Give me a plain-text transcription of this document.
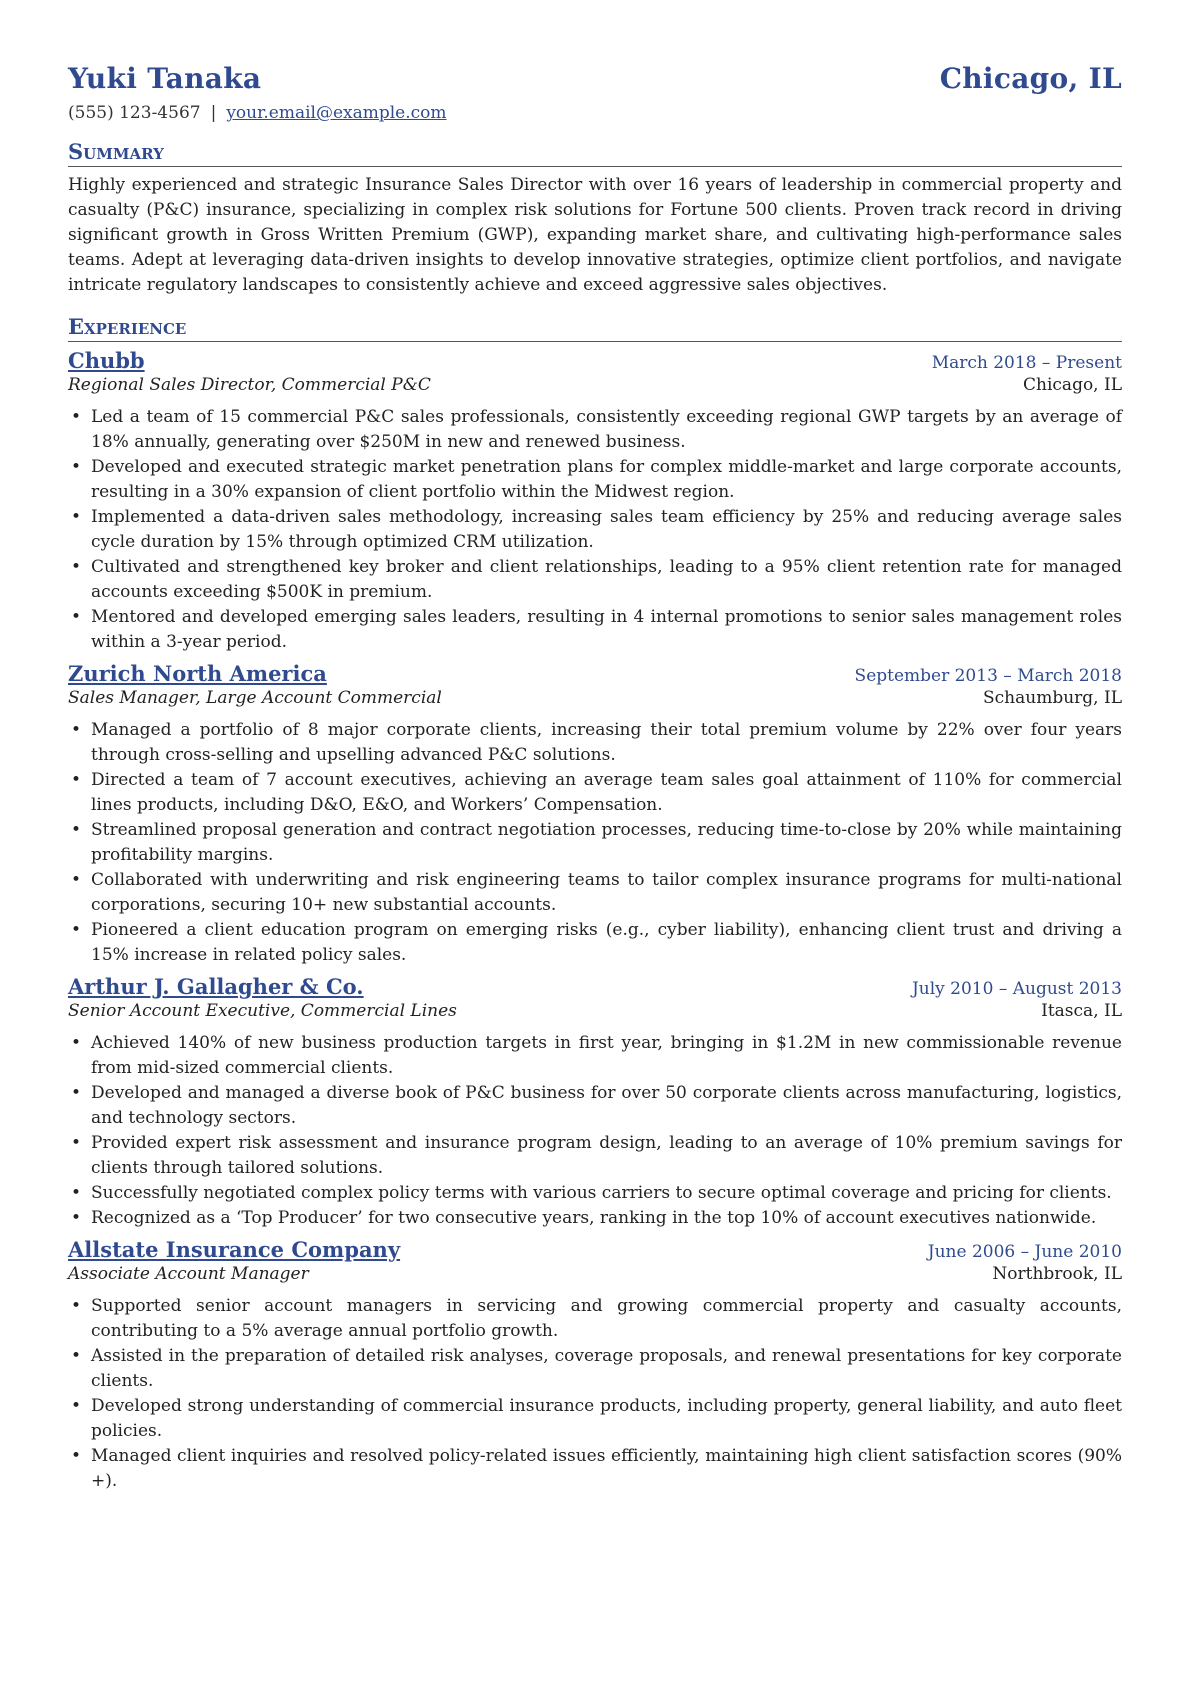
Yuki Tanaka	Chicago, IL
(555) 123-4567 | your.email@example.com
Summary
Highly experienced and strategic Insurance Sales Director with over 16 years of leadership in commercial property and casualty (P&C) insurance, specializing in complex risk solutions for Fortune 500 clients. Proven track record in driving significant growth in Gross Written Premium (GWP), expanding market share, and cultivating high-performance sales teams. Adept at leveraging data-driven insights to develop innovative strategies, optimize client portfolios, and navigate intricate regulatory landscapes to consistently achieve and exceed aggressive sales objectives.
Experience
Chubb	March 2018 – Present
Regional Sales Director, Commercial P&C	Chicago, IL
• Led a team of 15 commercial P&C sales professionals, consistently exceeding regional GWP targets by an average of 18% annually, generating over $250M in new and renewed business.
• Developed and executed strategic market penetration plans for complex middle-market and large corporate accounts, resulting in a 30% expansion of client portfolio within the Midwest region.
• Implemented a data-driven sales methodology, increasing sales team efficiency by 25% and reducing average sales cycle duration by 15% through optimized CRM utilization.
• Cultivated and strengthened key broker and client relationships, leading to a 95% client retention rate for managed accounts exceeding $500K in premium.
• Mentored and developed emerging sales leaders, resulting in 4 internal promotions to senior sales management roles within a 3-year period.
Zurich North America	September 2013 – March 2018
Sales Manager, Large Account Commercial	Schaumburg, IL
• Managed a portfolio of 8 major corporate clients, increasing their total premium volume by 22% over four years through cross-selling and upselling advanced P&C solutions.
• Directed a team of 7 account executives, achieving an average team sales goal attainment of 110% for commercial lines products, including D&O, E&O, and Workers’ Compensation.
• Streamlined proposal generation and contract negotiation processes, reducing time-to-close by 20% while maintaining profitability margins.
• Collaborated with underwriting and risk engineering teams to tailor complex insurance programs for multi-national corporations, securing 10+ new substantial accounts.
• Pioneered a client education program on emerging risks (e.g., cyber liability), enhancing client trust and driving a 15% increase in related policy sales.
Arthur J. Gallagher & Co.	July 2010 – August 2013
Senior Account Executive, Commercial Lines	Itasca, IL
• Achieved 140% of new business production targets in first year, bringing in $1.2M in new commissionable revenue from mid-sized commercial clients.
• Developed and managed a diverse book of P&C business for over 50 corporate clients across manufacturing, logistics, and technology sectors.
• Provided expert risk assessment and insurance program design, leading to an average of 10% premium savings for clients through tailored solutions.
• Successfully negotiated complex policy terms with various carriers to secure optimal coverage and pricing for clients.
• Recognized as a ‘Top Producer’ for two consecutive years, ranking in the top 10% of account executives nationwide.
Allstate Insurance Company	June 2006 – June 2010
Associate Account Manager	Northbrook, IL
• Supported senior account managers in servicing and growing commercial property and casualty accounts, contributing to a 5% average annual portfolio growth.
• Assisted in the preparation of detailed risk analyses, coverage proposals, and renewal presentations for key corporate clients.
• Developed strong understanding of commercial insurance products, including property, general liability, and auto fleet policies.
• Managed client inquiries and resolved policy-related issues efficiently, maintaining high client satisfaction scores (90% +).
